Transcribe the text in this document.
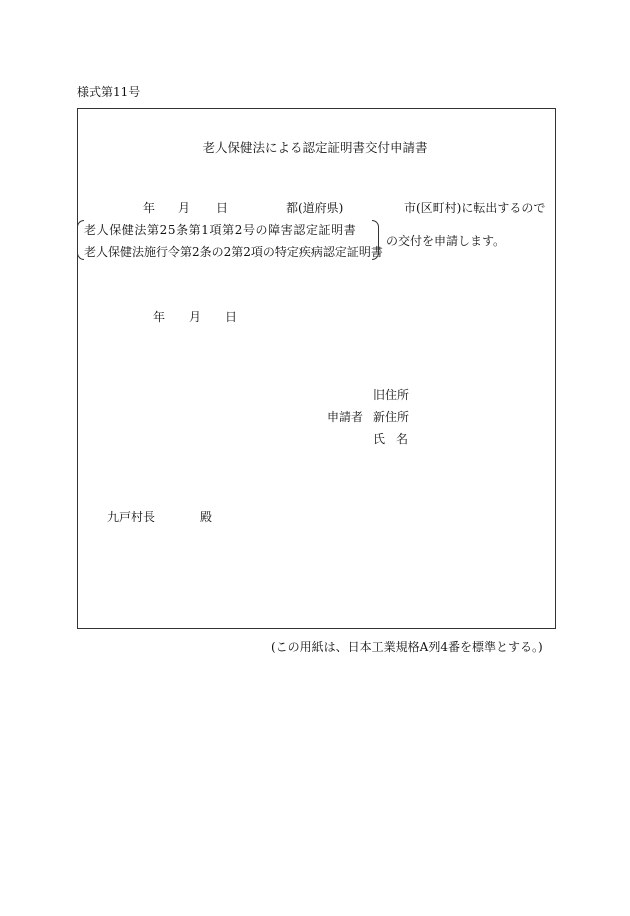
様式第11号
老人保健法による認定証明書交付申請書
年 月 日	都(道府県)	市(区町村)に転出するので
老人保健法第25条第1項第2号の障害認定証明書
老人保健法施行令第2条の2第2項の特定疾病認定証明書
の交付を申請します。
年 月 日
旧住所
申請者 新住所
氏名
九戸村長	殿
(この用紙は、日本工業規格A列4番を標準とする。)
